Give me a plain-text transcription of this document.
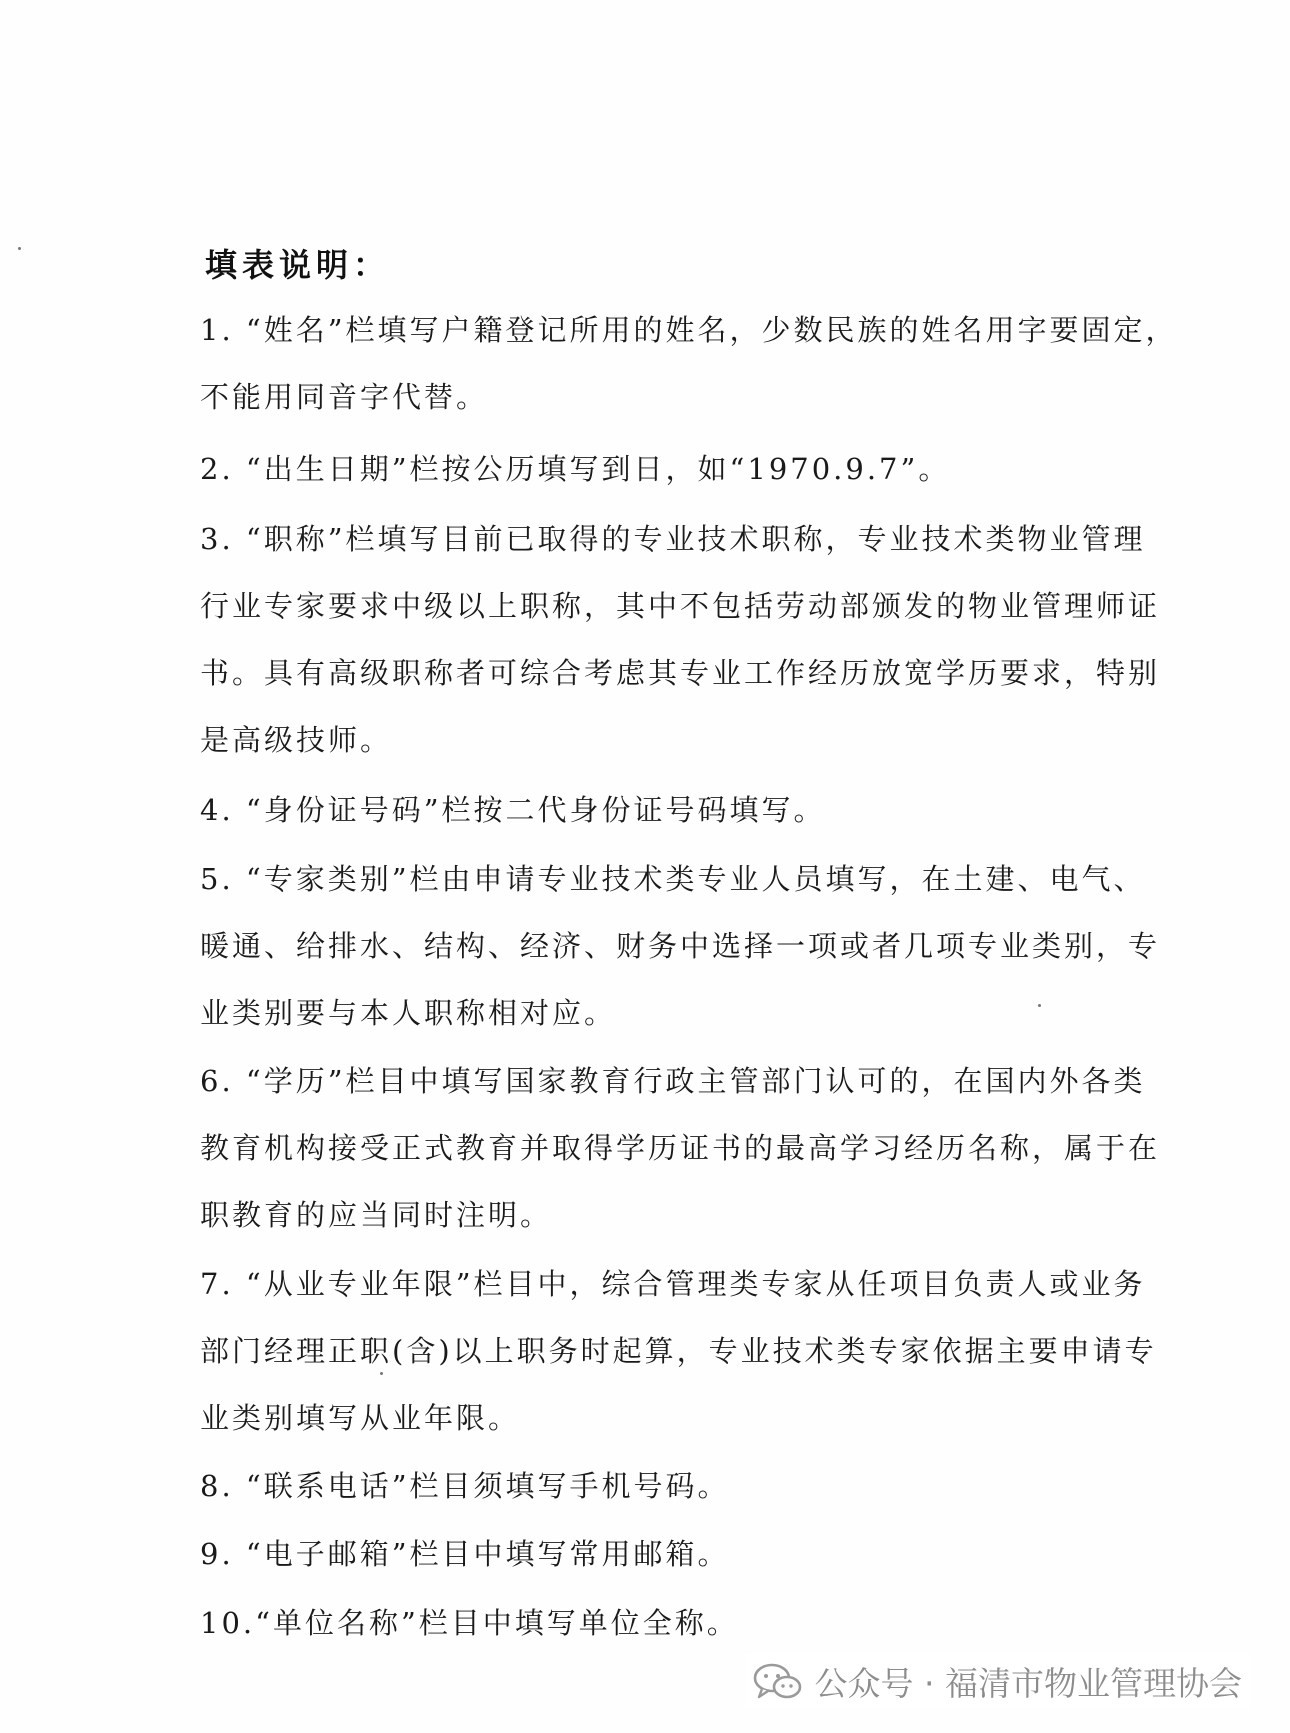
填表说明：
1. “姓名”栏填写户籍登记所用的姓名，少数民族的姓名用字要固定，
不能用同音字代替。
2. “出生日期”栏按公历填写到日，如“1970.9.7”。
3. “职称”栏填写目前已取得的专业技术职称，专业技术类物业管理
行业专家要求中级以上职称，其中不包括劳动部颁发的物业管理师证
书。具有高级职称者可综合考虑其专业工作经历放宽学历要求，特别
是高级技师。
4. “身份证号码”栏按二代身份证号码填写。
5. “专家类别”栏由申请专业技术类专业人员填写，在土建、电气、
暖通、给排水、结构、经济、财务中选择一项或者几项专业类别，专
业类别要与本人职称相对应。
6. “学历”栏目中填写国家教育行政主管部门认可的，在国内外各类
教育机构接受正式教育并取得学历证书的最高学习经历名称，属于在
职教育的应当同时注明。
7. “从业专业年限”栏目中，综合管理类专家从任项目负责人或业务
部门经理正职(含)以上职务时起算，专业技术类专家依据主要申请专
业类别填写从业年限。
8. “联系电话”栏目须填写手机号码。
9. “电子邮箱”栏目中填写常用邮箱。
10.“单位名称”栏目中填写单位全称。
公众号 · 福清市物业管理协会
